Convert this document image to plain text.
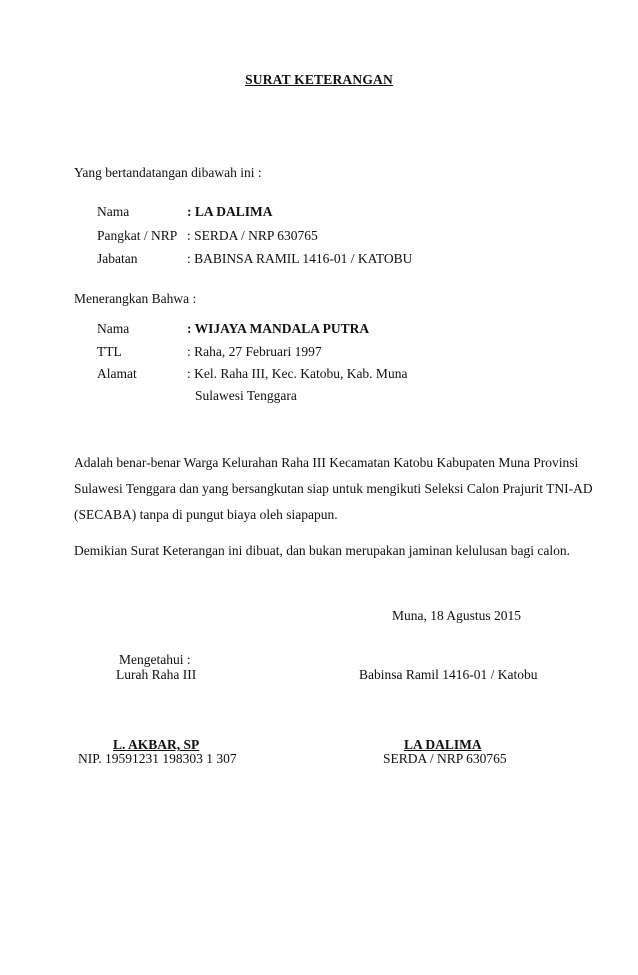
SURAT KETERANGAN
Yang bertandatangan dibawah ini :
Nama	: LA DALIMA
Pangkat / NRP : SERDA / NRP 630765
Jabatan	: BABINSA RAMIL 1416-01 / KATOBU
Menerangkan Bahwa :
Nama	: WIJAYA MANDALA PUTRA
TTL	: Raha, 27 Februari 1997
Alamat	: Kel. Raha III, Kec. Katobu, Kab. Muna
Sulawesi Tenggara
Adalah benar-benar Warga Kelurahan Raha III Kecamatan Katobu Kabupaten Muna Provinsi
Sulawesi Tenggara dan yang bersangkutan siap untuk mengikuti Seleksi Calon Prajurit TNI-AD
(SECABA) tanpa di pungut biaya oleh siapapun.
Demikian Surat Keterangan ini dibuat, dan bukan merupakan jaminan kelulusan bagi calon.
Muna, 18 Agustus 2015
Mengetahui :
Lurah Raha III
L. AKBAR, SP
NIP. 19591231 198303 1 307
Babinsa Ramil 1416-01 / Katobu
LA DALIMA
SERDA / NRP 630765
